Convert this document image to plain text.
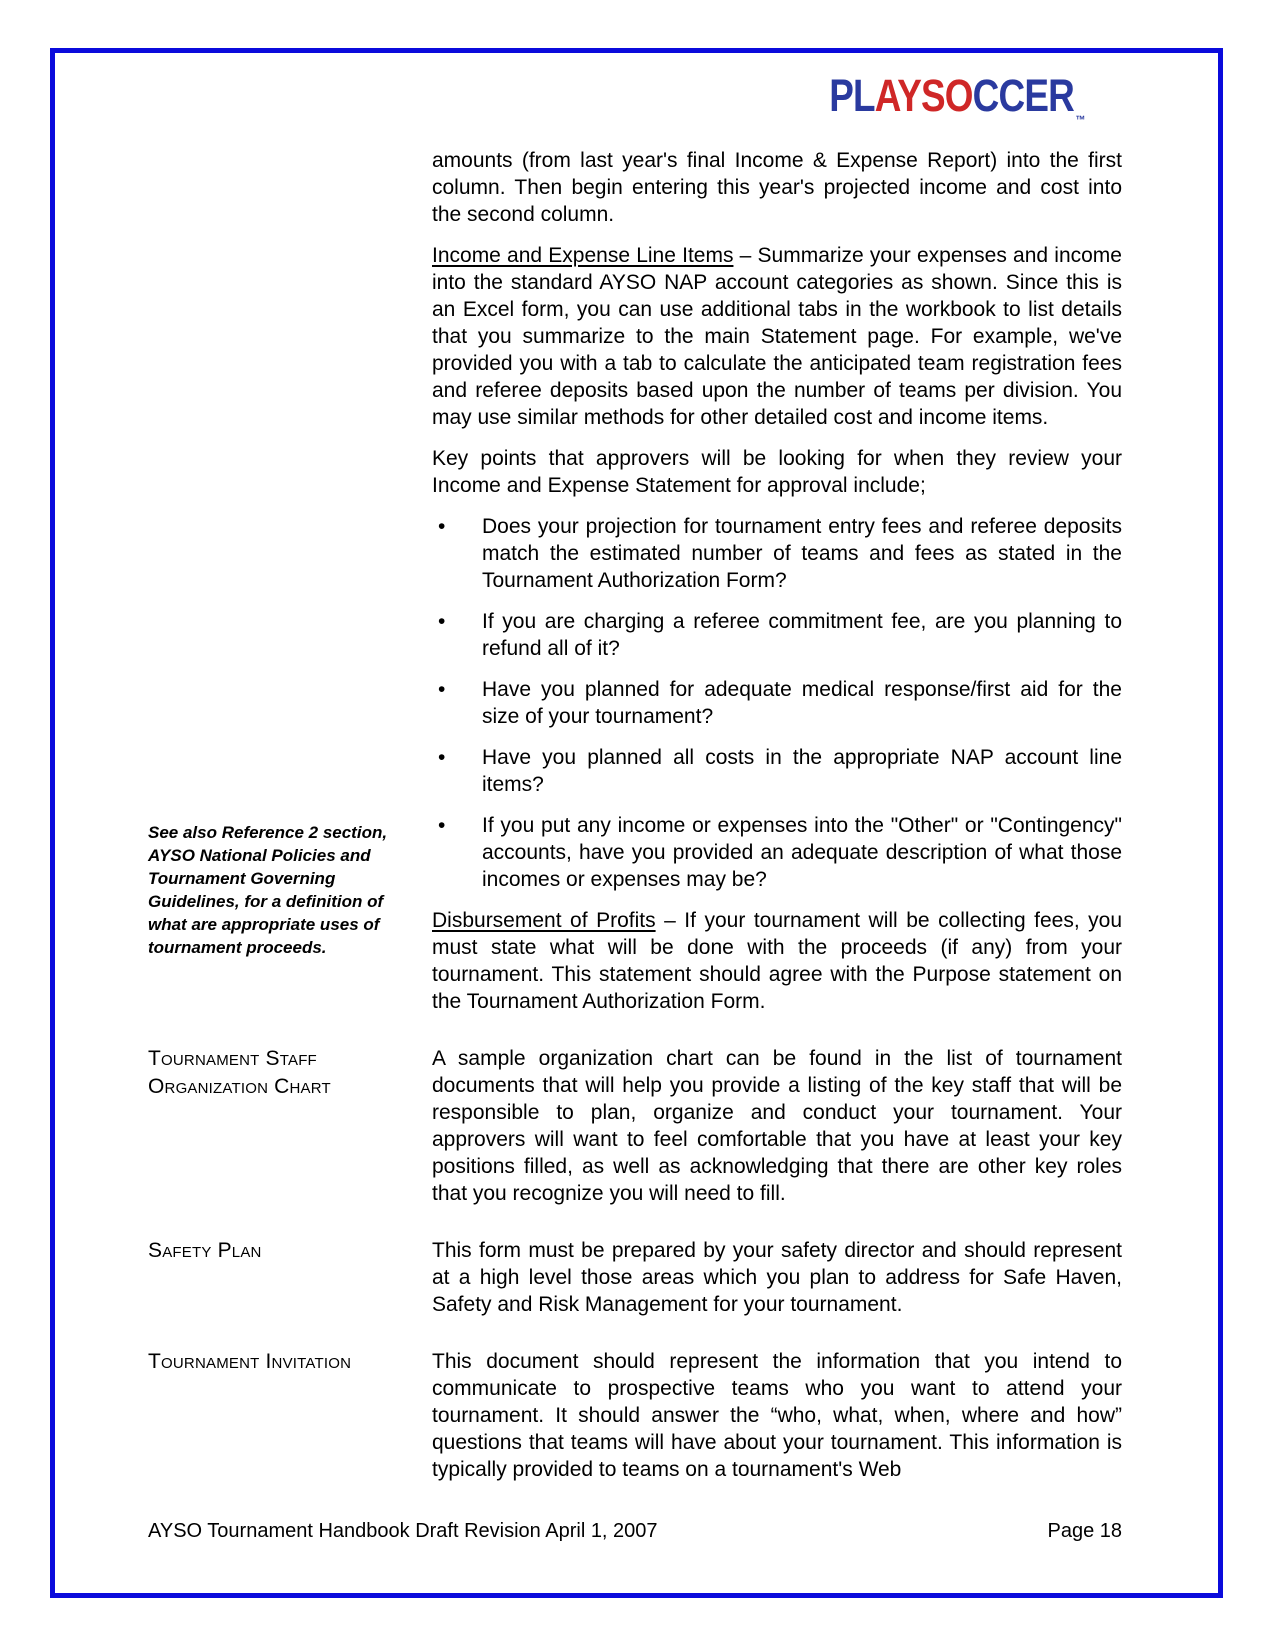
PLAYSOCCER ™
See also Reference 2 section, AYSO National Policies and Tournament Governing Guidelines, for a definition of what are appropriate uses of tournament proceeds.

amounts (from last year's final Income & Expense Report) into the first column. Then begin entering this year's projected income and cost into the second column.

Income and Expense Line Items – Summarize your expenses and income into the standard AYSO NAP account categories as shown. Since this is an Excel form, you can use additional tabs in the workbook to list details that you summarize to the main Statement page. For example, we've provided you with a tab to calculate the anticipated team registration fees and referee deposits based upon the number of teams per division. You may use similar methods for other detailed cost and income items.

Key points that approvers will be looking for when they review your Income and Expense Statement for approval include;

•	Does your projection for tournament entry fees and referee deposits match the estimated number of teams and fees as stated in the Tournament Authorization Form?
•	If you are charging a referee commitment fee, are you planning to refund all of it?
•	Have you planned for adequate medical response/first aid for the size of your tournament?
•	Have you planned all costs in the appropriate NAP account line items?
•	If you put any income or expenses into the "Other" or "Contingency" accounts, have you provided an adequate description of what those incomes or expenses may be?

Disbursement of Profits – If your tournament will be collecting fees, you must state what will be done with the proceeds (if any) from your tournament. This statement should agree with the Purpose statement on the Tournament Authorization Form.

Tournament Staff Organization Chart
A sample organization chart can be found in the list of tournament documents that will help you provide a listing of the key staff that will be responsible to plan, organize and conduct your tournament. Your approvers will want to feel comfortable that you have at least your key positions filled, as well as acknowledging that there are other key roles that you recognize you will need to fill.
Safety Plan	This form must be prepared by your safety director and should represent at a high level those areas which you plan to address for Safe Haven, Safety and Risk Management for your tournament.
Tournament Invitation	This document should represent the information that you intend to communicate to prospective teams who you want to attend your tournament. It should answer the “who, what, when, where and how” questions that teams will have about your tournament. This information is typically provided to teams on a tournament's Web
AYSO Tournament Handbook Draft Revision April 1, 2007	Page 18
